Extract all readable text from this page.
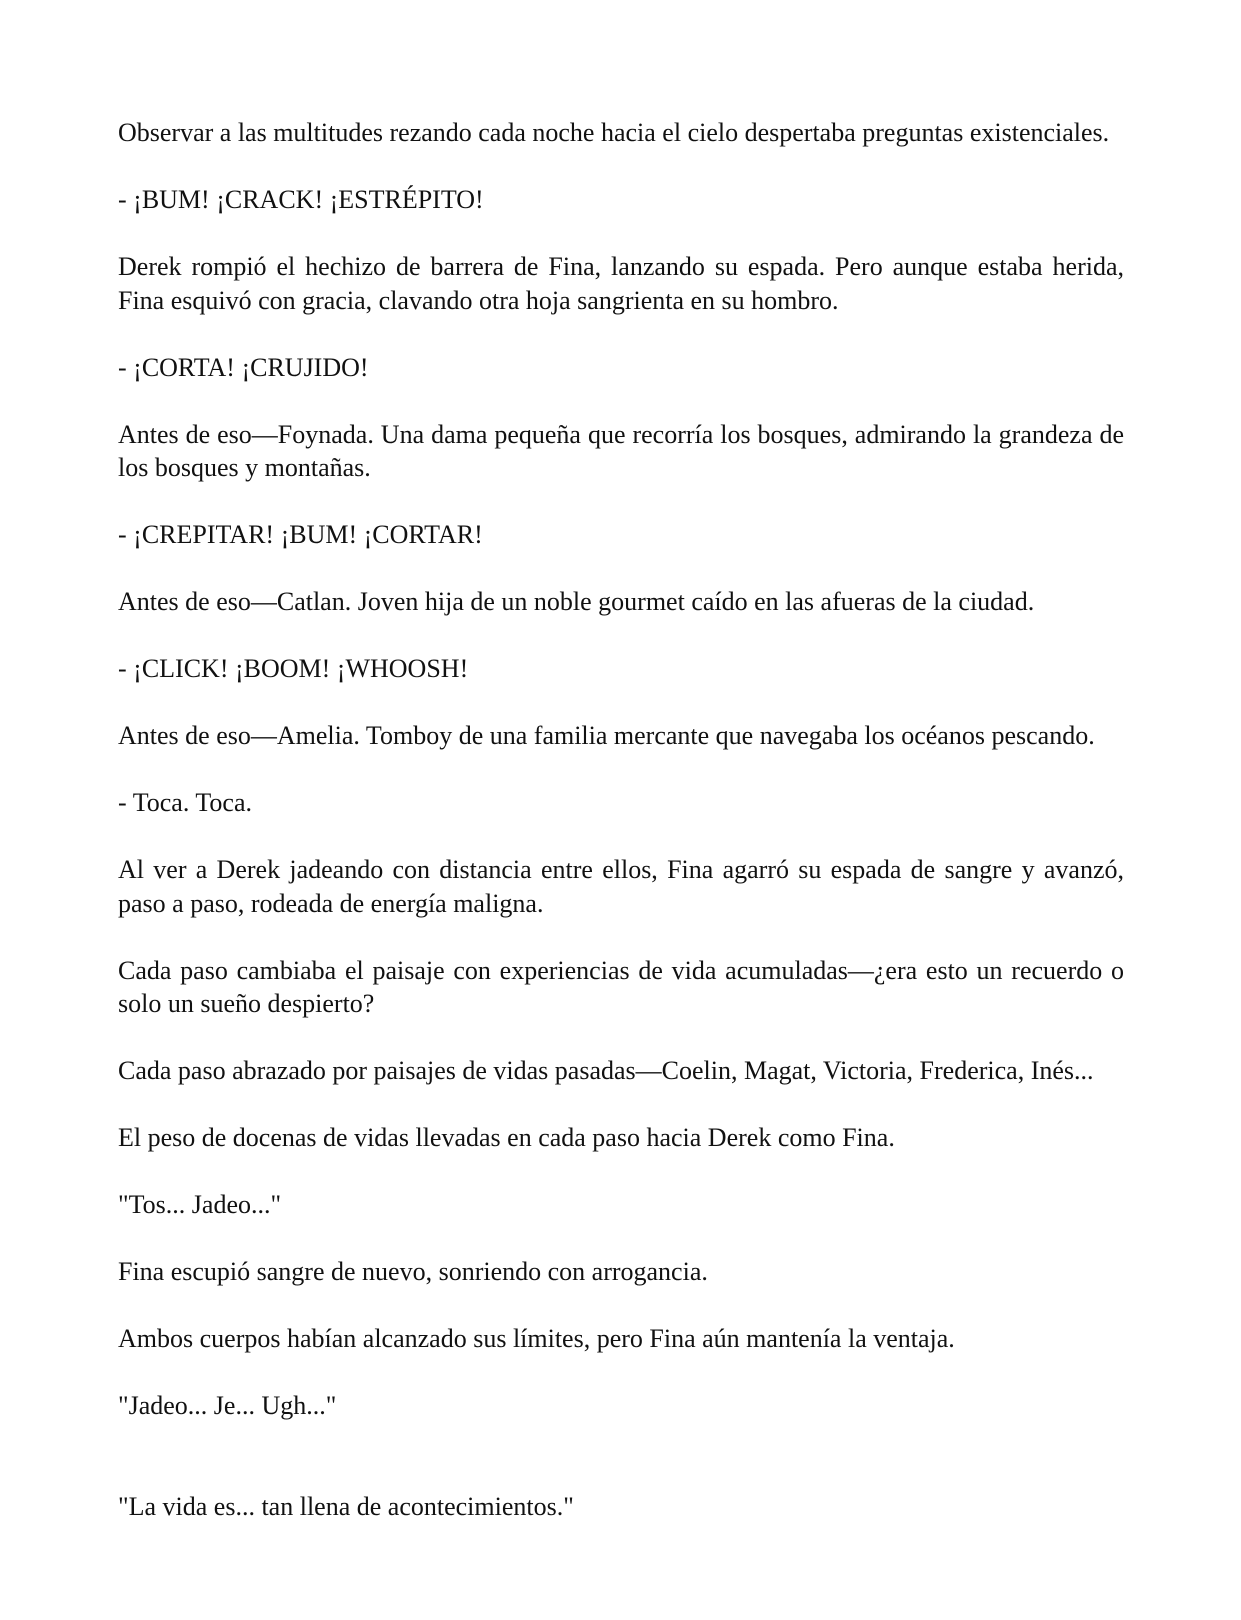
Observar a las multitudes rezando cada noche hacia el cielo despertaba preguntas existenciales.

- ¡BUM! ¡CRACK! ¡ESTRÉPITO!

Derek rompió el hechizo de barrera de Fina, lanzando su espada. Pero aunque estaba herida, Fina esquivó con gracia, clavando otra hoja sangrienta en su hombro.

- ¡CORTA! ¡CRUJIDO!

Antes de eso—Foynada. Una dama pequeña que recorría los bosques, admirando la grandeza de los bosques y montañas.

- ¡CREPITAR! ¡BUM! ¡CORTAR!

Antes de eso—Catlan. Joven hija de un noble gourmet caído en las afueras de la ciudad.

- ¡CLICK! ¡BOOM! ¡WHOOSH!

Antes de eso—Amelia. Tomboy de una familia mercante que navegaba los océanos pescando.

- Toca. Toca.

Al ver a Derek jadeando con distancia entre ellos, Fina agarró su espada de sangre y avanzó, paso a paso, rodeada de energía maligna.

Cada paso cambiaba el paisaje con experiencias de vida acumuladas—¿era esto un recuerdo o solo un sueño despierto?

Cada paso abrazado por paisajes de vidas pasadas—Coelin, Magat, Victoria, Frederica, Inés...

El peso de docenas de vidas llevadas en cada paso hacia Derek como Fina.

"Tos... Jadeo..."

Fina escupió sangre de nuevo, sonriendo con arrogancia.

Ambos cuerpos habían alcanzado sus límites, pero Fina aún mantenía la ventaja.

"Jadeo... Je... Ugh..."

"La vida es... tan llena de acontecimientos."
